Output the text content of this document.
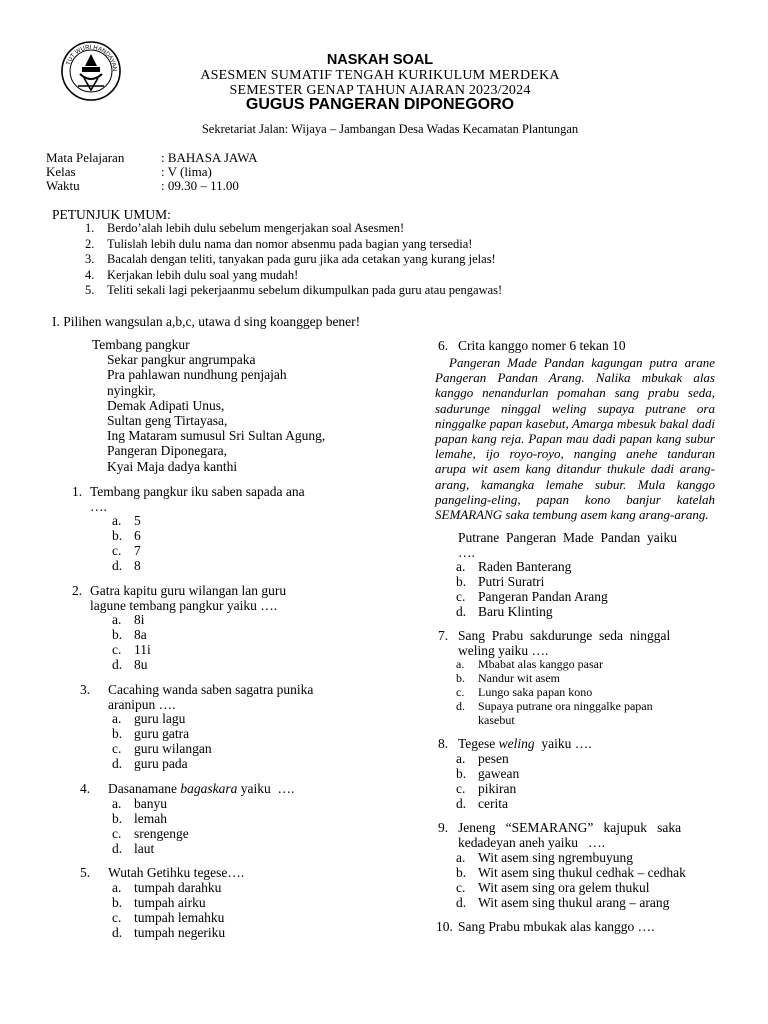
TUT WURI HANDAYAN
NASKAH SOAL
ASESMEN SUMATIF TENGAH KURIKULUM MERDEKA
SEMESTER GENAP TAHUN AJARAN 2023/2024
GUGUS PANGERAN DIPONEGORO
Sekretariat Jalan: Wijaya – Jambangan Desa Wadas Kecamatan Plantungan
Mata Pelajaran	: BAHASA JAWA
Kelas	: V (lima)
Waktu	: 09.30 – 11.00
PETUNJUK UMUM:
1. Berdo’alah lebih dulu sebelum mengerjakan soal Asesmen!
2. Tulislah lebih dulu nama dan nomor absenmu pada bagian yang tersedia!
3. Bacalah dengan teliti, tanyakan pada guru jika ada cetakan yang kurang jelas!
4. Kerjakan lebih dulu soal yang mudah!
5. Teliti sekali lagi pekerjaanmu sebelum dikumpulkan pada guru atau pengawas!
I. Pilihen wangsulan a,b,c, utawa d sing koanggep bener!
Tembang pangkur
Sekar pangkur angrumpaka
Pra pahlawan nundhung penjajah
nyingkir,
Demak Adipati Unus,
Sultan geng Tirtayasa,
Ing Mataram sumusul Sri Sultan Agung,
Pangeran Diponegara,
Kyai Maja dadya kanthi
1. Tembang pangkur iku saben sapada ana
….
a. 5
b. 6
c. 7
d. 8
2. Gatra kapitu guru wilangan lan guru
lagune tembang pangkur yaiku ….
a. 8i
b. 8a
c. 11i
d. 8u
3. Cacahing wanda saben sagatra punika
aranipun ….
a. guru lagu
b. guru gatra
c. guru wilangan
d. guru pada
4. Dasanamane bagaskara yaiku  ….
a. banyu
b. lemah
c. srengenge
d. laut
5. Wutah Getihku tegese….
a. tumpah darahku
b. tumpah airku
c. tumpah lemahku
d. tumpah negeriku
6. Crita kanggo nomer 6 tekan 10

Pangeran Made Pandan kagungan putra arane Pangeran Pandan Arang. Nalika mbukak alas kanggo nenandurlan pomahan sang prabu seda, sadurunge ninggal weling supaya putrane ora ninggalke papan kasebut, Amarga mbesuk bakal dadi papan kang reja. Papan mau dadi papan kang subur lemahe, ijo royo-royo, nanging anehe tanduran arupa wit asem kang ditandur thukule dadi arang-arang, kamangka lemahe subur. Mula kanggo pangeling-eling, papan kono banjur katelah SEMARANG saka tembung asem kang arang-arang.

Putrane  Pangeran  Made  Pandan  yaiku
….
a. Raden Banterang
b. Putri Suratri
c. Pangeran Pandan Arang
d. Baru Klinting
7. Sang  Prabu  sakdurunge  seda  ninggal
weling yaiku ….
a. Mbabat alas kanggo pasar
b. Nandur wit asem
c. Lungo saka papan kono
d. Supaya putrane ora ninggalke papan
kasebut
8. Tegese weling  yaiku ….
a. pesen
b. gawean
c. pikiran
d. cerita
9. Jeneng   “SEMARANG”   kajupuk   saka
kedadeyan aneh yaiku   ….
a. Wit asem sing ngrembuyung
b. Wit asem sing thukul cedhak – cedhak
c. Wit asem sing ora gelem thukul
d. Wit asem sing thukul arang – arang
10. Sang Prabu mbukak alas kanggo ….
